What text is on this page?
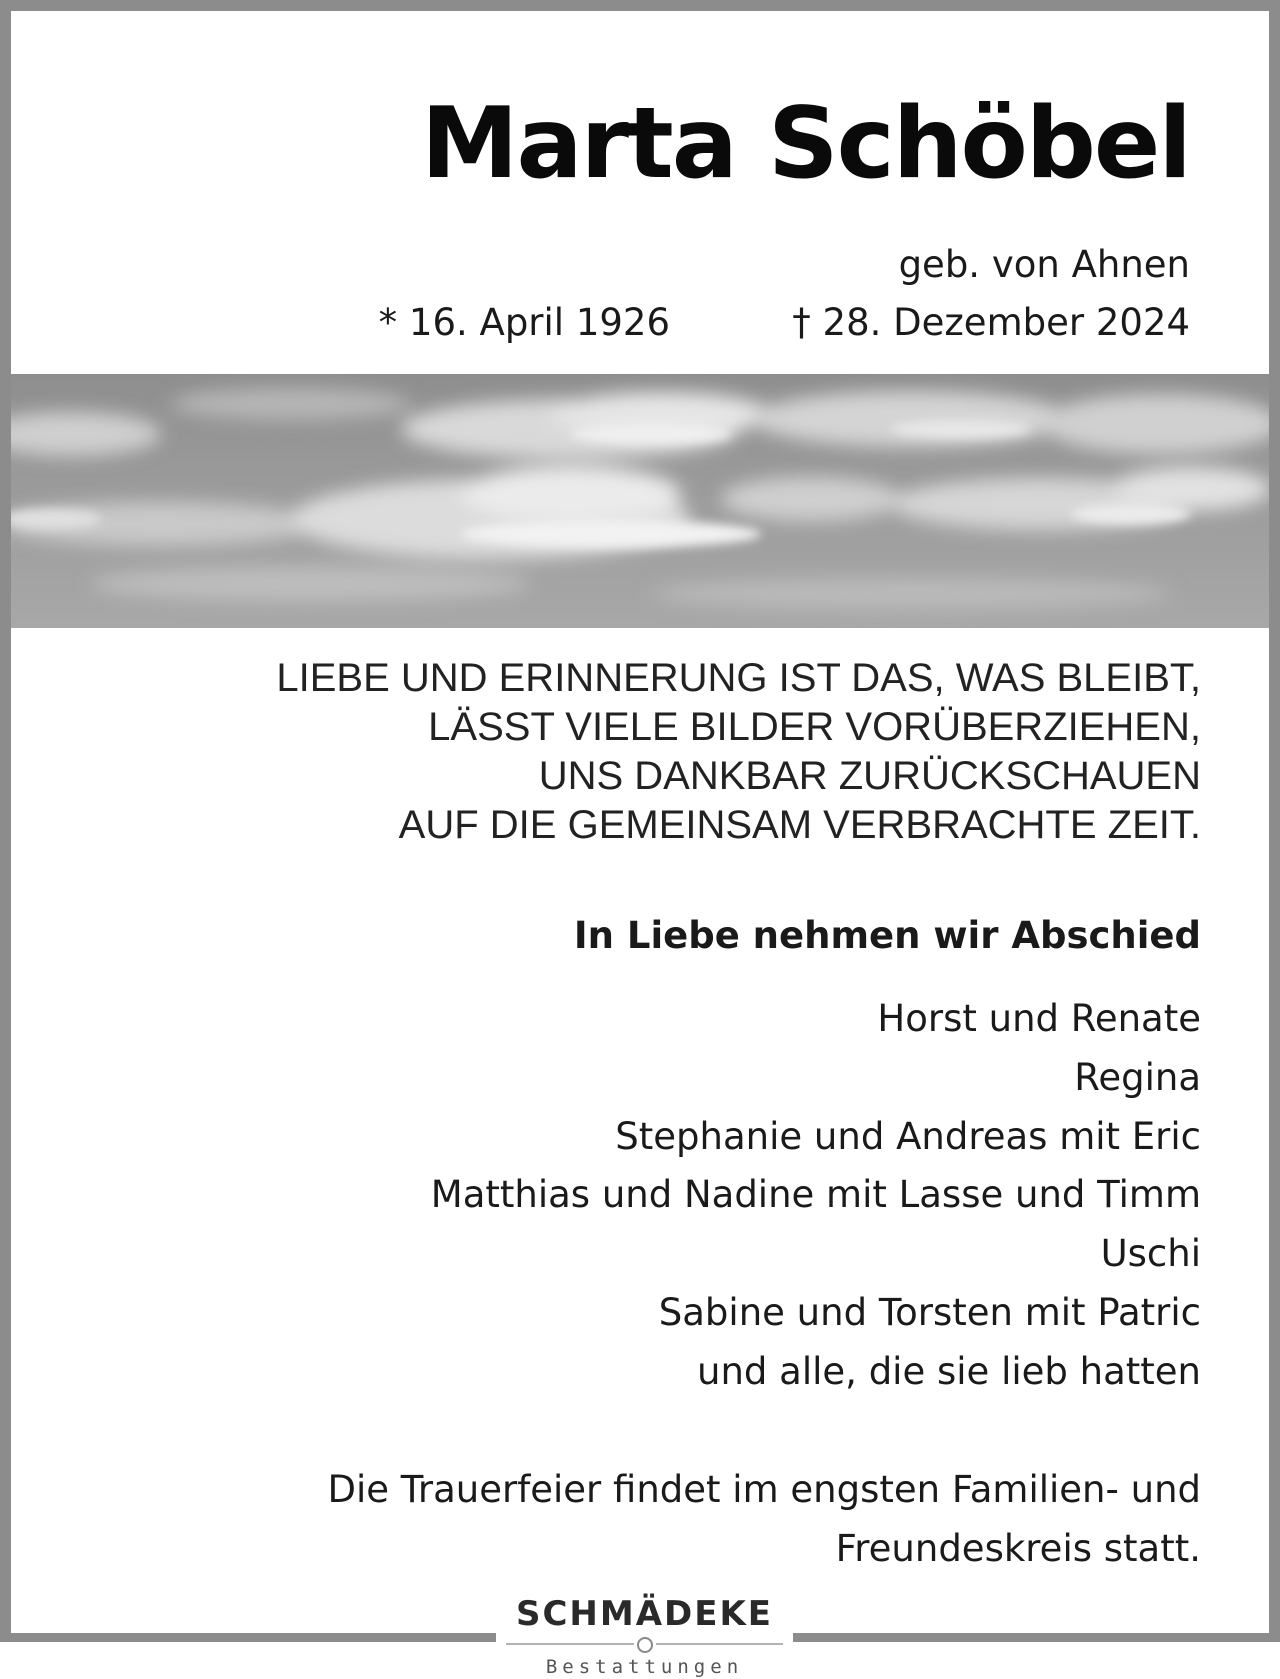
Marta Schöbel
geb. von Ahnen
* 16. April 1926	† 28. Dezember 2024
LIEBE UND ERINNERUNG IST DAS, WAS BLEIBT,
LÄSST VIELE BILDER VORÜBERZIEHEN,
UNS DANKBAR ZURÜCKSCHAUEN
AUF DIE GEMEINSAM VERBRACHTE ZEIT.
In Liebe nehmen wir Abschied
Horst und Renate
Regina
Stephanie und Andreas mit Eric
Matthias und Nadine mit Lasse und Timm
Uschi
Sabine und Torsten mit Patric
und alle, die sie lieb hatten
Die Trauerfeier findet im engsten Familien- und
Freundeskreis statt.
SCHMÄDEKE
Bestattungen
